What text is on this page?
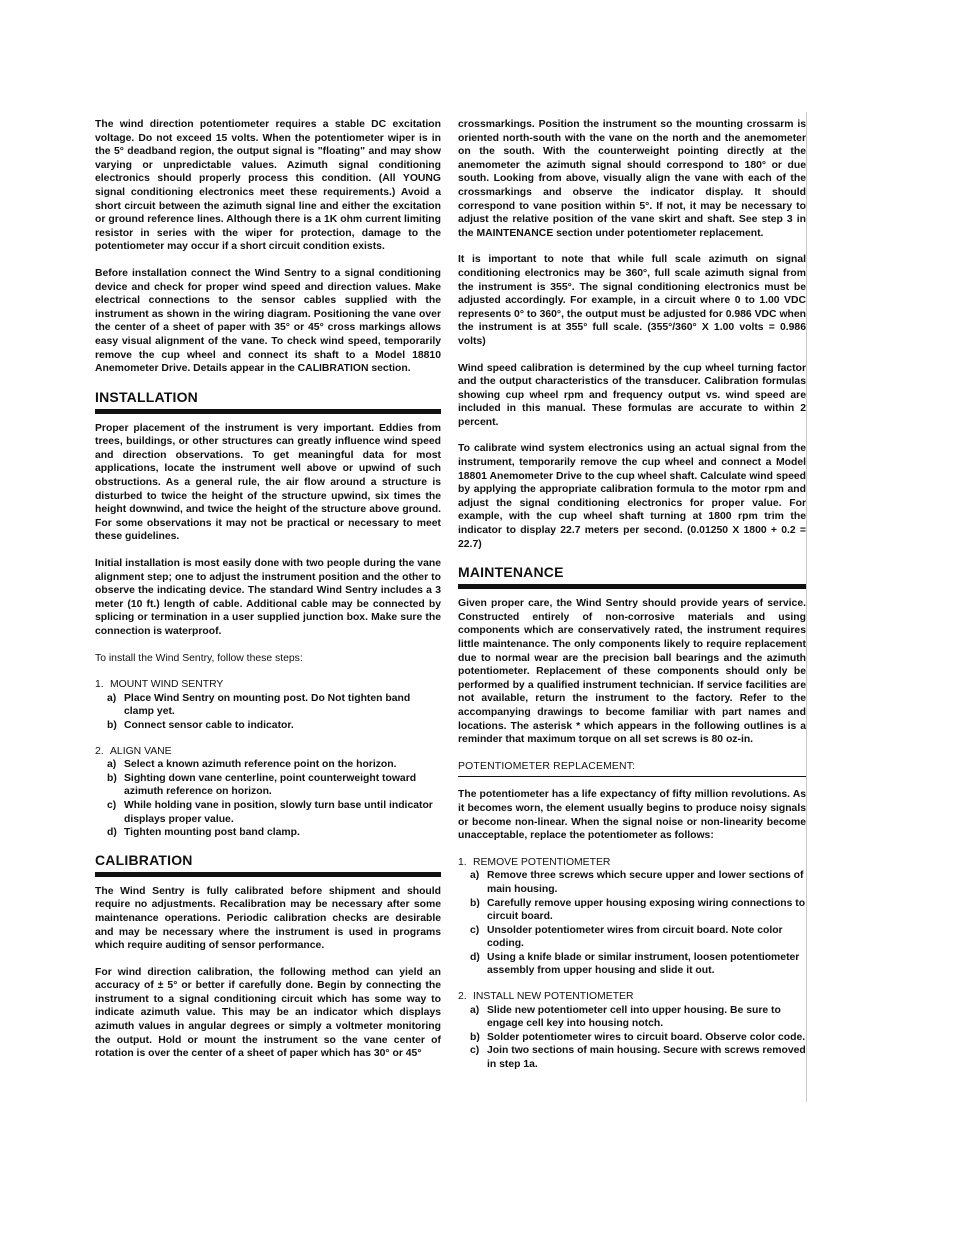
The wind direction potentiometer requires a stable DC excitation voltage. Do not exceed 15 volts. When the potentiometer wiper is in the 5° deadband region, the output signal is "floating" and may show varying or unpredictable values. Azimuth signal conditioning electronics should properly process this condition. (All YOUNG signal conditioning electronics meet these requirements.) Avoid a short circuit between the azimuth signal line and either the excitation or ground reference lines. Although there is a 1K ohm current limiting resistor in series with the wiper for protection, damage to the potentiometer may occur if a short circuit condition exists.

Before installation connect the Wind Sentry to a signal conditioning device and check for proper wind speed and direction values. Make electrical connections to the sensor cables supplied with the instrument as shown in the wiring diagram. Positioning the vane over the center of a sheet of paper with 35° or 45° cross markings allows easy visual alignment of the vane. To check wind speed, temporarily remove the cup wheel and connect its shaft to a Model 18810 Anemometer Drive. Details appear in the CALIBRATION section.

INSTALLATION

Proper placement of the instrument is very important. Eddies from trees, buildings, or other structures can greatly influence wind speed and direction observations. To get meaningful data for most applications, locate the instrument well above or upwind of such obstructions. As a general rule, the air flow around a structure is disturbed to twice the height of the structure upwind, six times the height downwind, and twice the height of the structure above ground. For some observations it may not be practical or necessary to meet these guidelines.

Initial installation is most easily done with two people during the vane alignment step; one to adjust the instrument position and the other to observe the indicating device. The standard Wind Sentry includes a 3 meter (10 ft.) length of cable. Additional cable may be connected by splicing or termination in a user supplied junction box. Make sure the connection is waterproof.

To install the Wind Sentry, follow these steps:

1. MOUNT WIND SENTRY
a) Place Wind Sentry on mounting post. Do Not tighten band clamp yet.
b) Connect sensor cable to indicator.
2. ALIGN VANE
a) Select a known azimuth reference point on the horizon.
b) Sighting down vane centerline, point counterweight toward azimuth reference on horizon.
c) While holding vane in position, slowly turn base until indicator displays proper value.
d) Tighten mounting post band clamp.
CALIBRATION

The Wind Sentry is fully calibrated before shipment and should require no adjustments. Recalibration may be necessary after some maintenance operations. Periodic calibration checks are desirable and may be necessary where the instrument is used in programs which require auditing of sensor performance.

For wind direction calibration, the following method can yield an accuracy of ± 5° or better if carefully done. Begin by connecting the instrument to a signal conditioning circuit which has some way to indicate azimuth value. This may be an indicator which displays azimuth values in angular degrees or simply a voltmeter monitoring the output. Hold or mount the instrument so the vane center of rotation is over the center of a sheet of paper which has 30° or 45°

crossmarkings. Position the instrument so the mounting crossarm is oriented north-south with the vane on the north and the anemometer on the south. With the counterweight pointing directly at the anemometer the azimuth signal should correspond to 180° or due south. Looking from above, visually align the vane with each of the crossmarkings and observe the indicator display. It should correspond to vane position within 5°. If not, it may be necessary to adjust the relative position of the vane skirt and shaft. See step 3 in the MAINTENANCE section under potentiometer replacement.

It is important to note that while full scale azimuth on signal conditioning electronics may be 360°, full scale azimuth signal from the instrument is 355°. The signal conditioning electronics must be adjusted accordingly. For example, in a circuit where 0 to 1.00 VDC represents 0° to 360°, the output must be adjusted for 0.986 VDC when the instrument is at 355° full scale. (355°/360° X 1.00 volts = 0.986 volts)

Wind speed calibration is determined by the cup wheel turning factor and the output characteristics of the transducer. Calibration formulas showing cup wheel rpm and frequency output vs. wind speed are included in this manual. These formulas are accurate to within 2 percent.

To calibrate wind system electronics using an actual signal from the instrument, temporarily remove the cup wheel and connect a Model 18801 Anemometer Drive to the cup wheel shaft. Calculate wind speed by applying the appropriate calibration formula to the motor rpm and adjust the signal conditioning electronics for proper value. For example, with the cup wheel shaft turning at 1800 rpm trim the indicator to display 22.7 meters per second. (0.01250 X 1800 + 0.2 = 22.7)

MAINTENANCE

Given proper care, the Wind Sentry should provide years of service. Constructed entirely of non-corrosive materials and using components which are conservatively rated, the instrument requires little maintenance. The only components likely to require replacement due to normal wear are the precision ball bearings and the azimuth potentiometer. Replacement of these components should only be performed by a qualified instrument technician. If service facilities are not available, return the instrument to the factory. Refer to the accompanying drawings to become familiar with part names and locations. The asterisk * which appears in the following outlines is a reminder that maximum torque on all set screws is 80 oz-in.

POTENTIOMETER REPLACEMENT:

The potentiometer has a life expectancy of fifty million revolutions. As it becomes worn, the element usually begins to produce noisy signals or become non-linear. When the signal noise or non-linearity become unacceptable, replace the potentiometer as follows:

1. REMOVE POTENTIOMETER
a) Remove three screws which secure upper and lower sections of main housing.
b) Carefully remove upper housing exposing wiring connections to circuit board.
c) Unsolder potentiometer wires from circuit board. Note color coding.
d) Using a knife blade or similar instrument, loosen potentiometer assembly from upper housing and slide it out.
2. INSTALL NEW POTENTIOMETER
a) Slide new potentiometer cell into upper housing. Be sure to engage cell key into housing notch.
b) Solder potentiometer wires to circuit board. Observe color code.
c) Join two sections of main housing. Secure with screws removed in step 1a.
